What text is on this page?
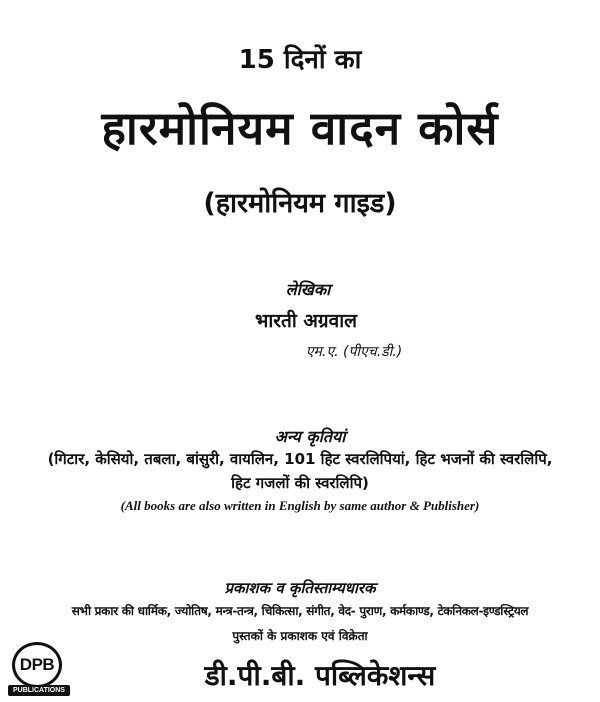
15 दिनों का
हारमोनियम वादन कोर्स
(हारमोनियम गाइड)
लेखिका
भारती अग्रवाल
एम.ए. (पीएच.डी.)
अन्य कृतियां
(गिटार, केसियो, तबला, बांसुरी, वायलिन, 101 हिट स्वरलिपियां, हिट भजनों की स्वरलिपि,
हिट गजलों की स्वरलिपि)
(All books are also written in English by same author & Publisher)
प्रकाशक व कृतिस्ताम्यधारक
सभी प्रकार की धार्मिक, ज्योतिष, मन्त्र-तन्त्र, चिकित्सा, संगीत, वेद- पुराण, कर्मकाण्ड, टेकनिकल-इण्डस्ट्रियल
पुस्तकों के प्रकाशक एवं विक्रेता
डी.पी.बी. पब्लिकेशन्स
DPB
PUBLICATIONS
